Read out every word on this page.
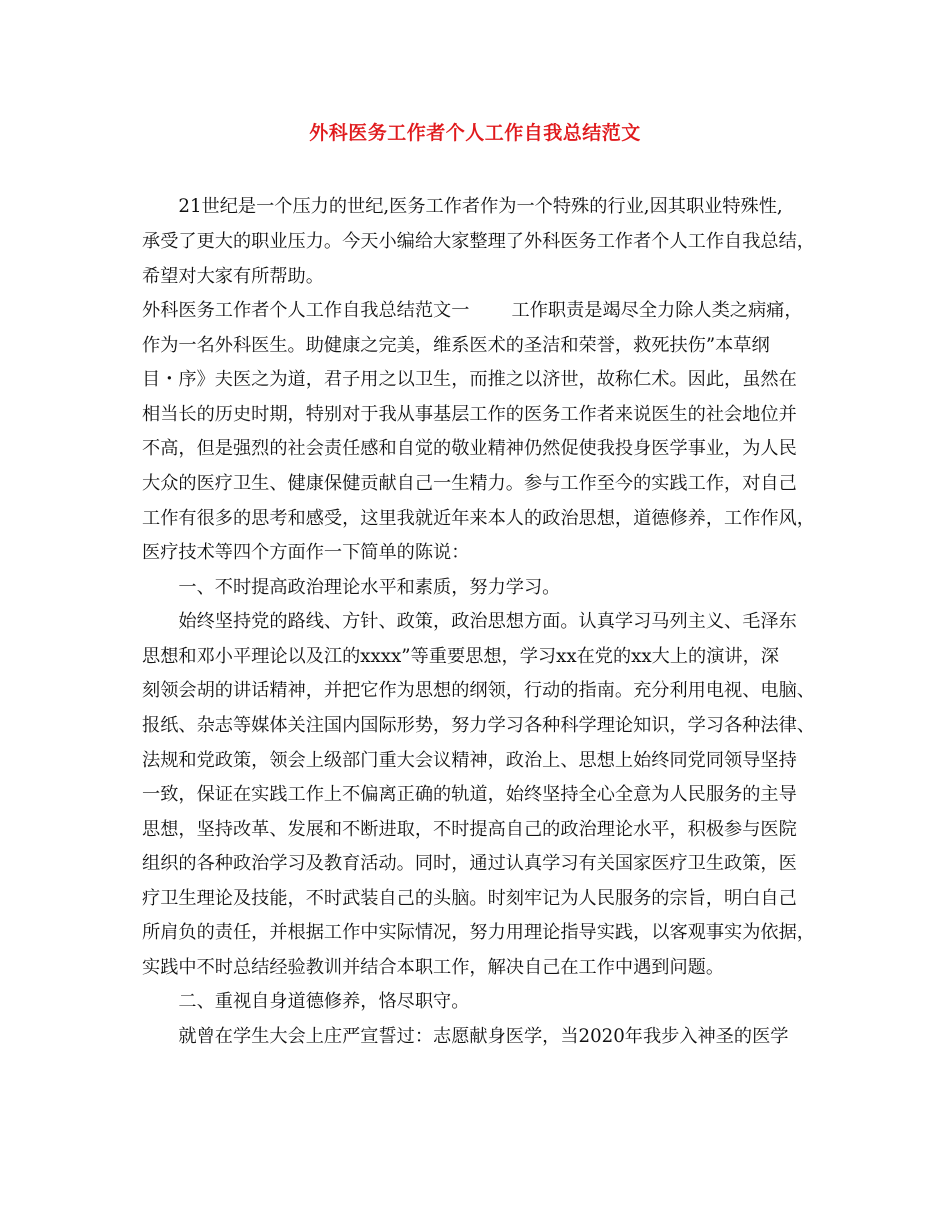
外科医务工作者个人工作自我总结范文
　　21世纪是一个压力的世纪,医务工作者作为一个特殊的行业,因其职业特殊性,
承受了更大的职业压力。今天小编给大家整理了外科医务工作者个人工作自我总结，
希望对大家有所帮助。
外科医务工作者个人工作自我总结范文一　　 工作职责是竭尽全力除人类之病痛，
作为一名外科医生。助健康之完美，维系医术的圣洁和荣誉，救死扶伤”本草纲
目・序》夫医之为道，君子用之以卫生，而推之以济世，故称仁术。因此，虽然在
相当长的历史时期，特别对于我从事基层工作的医务工作者来说医生的社会地位并
不高，但是强烈的社会责任感和自觉的敬业精神仍然促使我投身医学事业，为人民
大众的医疗卫生、健康保健贡献自己一生精力。参与工作至今的实践工作，对自己
工作有很多的思考和感受，这里我就近年来本人的政治思想，道德修养，工作作风，
医疗技术等四个方面作一下简单的陈说：
　　一、不时提高政治理论水平和素质，努力学习。
　　始终坚持党的路线、方针、政策，政治思想方面。认真学习马列主义、毛泽东
思想和邓小平理论以及江的xxxx”等重要思想，学习xx在党的xx大上的演讲，深
刻领会胡的讲话精神，并把它作为思想的纲领，行动的指南。充分利用电视、电脑、
报纸、杂志等媒体关注国内国际形势，努力学习各种科学理论知识，学习各种法律、
法规和党政策，领会上级部门重大会议精神，政治上、思想上始终同党同领导坚持
一致，保证在实践工作上不偏离正确的轨道，始终坚持全心全意为人民服务的主导
思想，坚持改革、发展和不断进取，不时提高自己的政治理论水平，积极参与医院
组织的各种政治学习及教育活动。同时，通过认真学习有关国家医疗卫生政策，医
疗卫生理论及技能，不时武装自己的头脑。时刻牢记为人民服务的宗旨，明白自己
所肩负的责任，并根据工作中实际情况，努力用理论指导实践，以客观事实为依据，
实践中不时总结经验教训并结合本职工作，解决自己在工作中遇到问题。
　　二、重视自身道德修养，恪尽职守。
　　就曾在学生大会上庄严宣誓过：志愿献身医学，当2020年我步入神圣的医学
